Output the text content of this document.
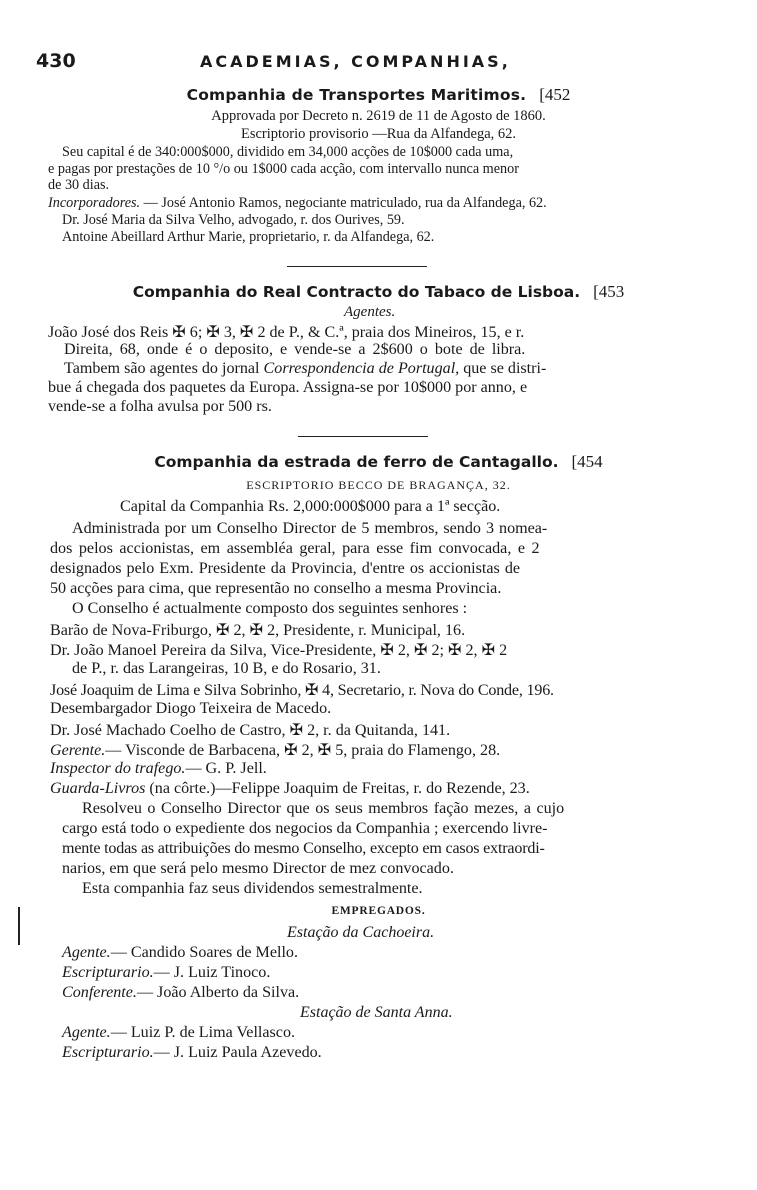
430	ACADEMIAS, COMPANHIAS,
Companhia de Transportes Maritimos. [452
Approvada por Decreto n. 2619 de 11 de Agosto de 1860.
Escriptorio provisorio —Rua da Alfandega, 62.
Seu capital é de 340:000$000, dividido em 34,000 acções de 10$000 cada uma,
e pagas por prestações de 10 °/o ou 1$000 cada acção, com intervallo nunca menor
de 30 dias.
Incorporadores. — José Antonio Ramos, negociante matriculado, rua da Alfandega, 62.
Dr. José Maria da Silva Velho, advogado, r. dos Ourives, 59.
Antoine Abeillard Arthur Marie, proprietario, r. da Alfandega, 62.
Companhia do Real Contracto do Tabaco de Lisboa. [453
Agentes.
João José dos Reis ✠ 6; ✠ 3, ✠ 2 de P., & C.ª, praia dos Mineiros, 15, e r.
Direita, 68, onde é o deposito, e vende-se a 2$600 o bote de libra.
Tambem são agentes do jornal Correspondencia de Portugal, que se distri-
bue á chegada dos paquetes da Europa. Assigna-se por 10$000 por anno, e
vende-se a folha avulsa por 500 rs.
Companhia da estrada de ferro de Cantagallo. [454
ESCRIPTORIO BECCO DE BRAGANÇA, 32.
Capital da Companhia Rs. 2,000:000$000 para a 1ª secção.
Administrada por um Conselho Director de 5 membros, sendo 3 nomea-
dos pelos accionistas, em assembléa geral, para esse fim convocada, e 2
designados pelo Exm. Presidente da Provincia, d'entre os accionistas de
50 acções para cima, que representão no conselho a mesma Provincia.
O Conselho é actualmente composto dos seguintes senhores :
Barão de Nova-Friburgo, ✠ 2, ✠ 2, Presidente, r. Municipal, 16.
Dr. João Manoel Pereira da Silva, Vice-Presidente, ✠ 2, ✠ 2; ✠ 2, ✠ 2
de P., r. das Larangeiras, 10 B, e do Rosario, 31.
José Joaquim de Lima e Silva Sobrinho, ✠ 4, Secretario, r. Nova do Conde, 196.
Desembargador Diogo Teixeira de Macedo.
Dr. José Machado Coelho de Castro, ✠ 2, r. da Quitanda, 141.
Gerente.— Visconde de Barbacena, ✠ 2, ✠ 5, praia do Flamengo, 28.
Inspector do trafego.— G. P. Jell.
Guarda-Livros (na côrte.)—Felippe Joaquim de Freitas, r. do Rezende, 23.
Resolveu o Conselho Director que os seus membros fação mezes, a cujo
cargo está todo o expediente dos negocios da Companhia ; exercendo livre-
mente todas as attribuições do mesmo Conselho, excepto em casos extraordi-
narios, em que será pelo mesmo Director de mez convocado.
Esta companhia faz seus dividendos semestralmente.
EMPREGADOS.
Estação da Cachoeira.
Agente.— Candido Soares de Mello.
Escripturario.— J. Luiz Tinoco.
Conferente.— João Alberto da Silva.
Estação de Santa Anna.
Agente.— Luiz P. de Lima Vellasco.
Escripturario.— J. Luiz Paula Azevedo.
